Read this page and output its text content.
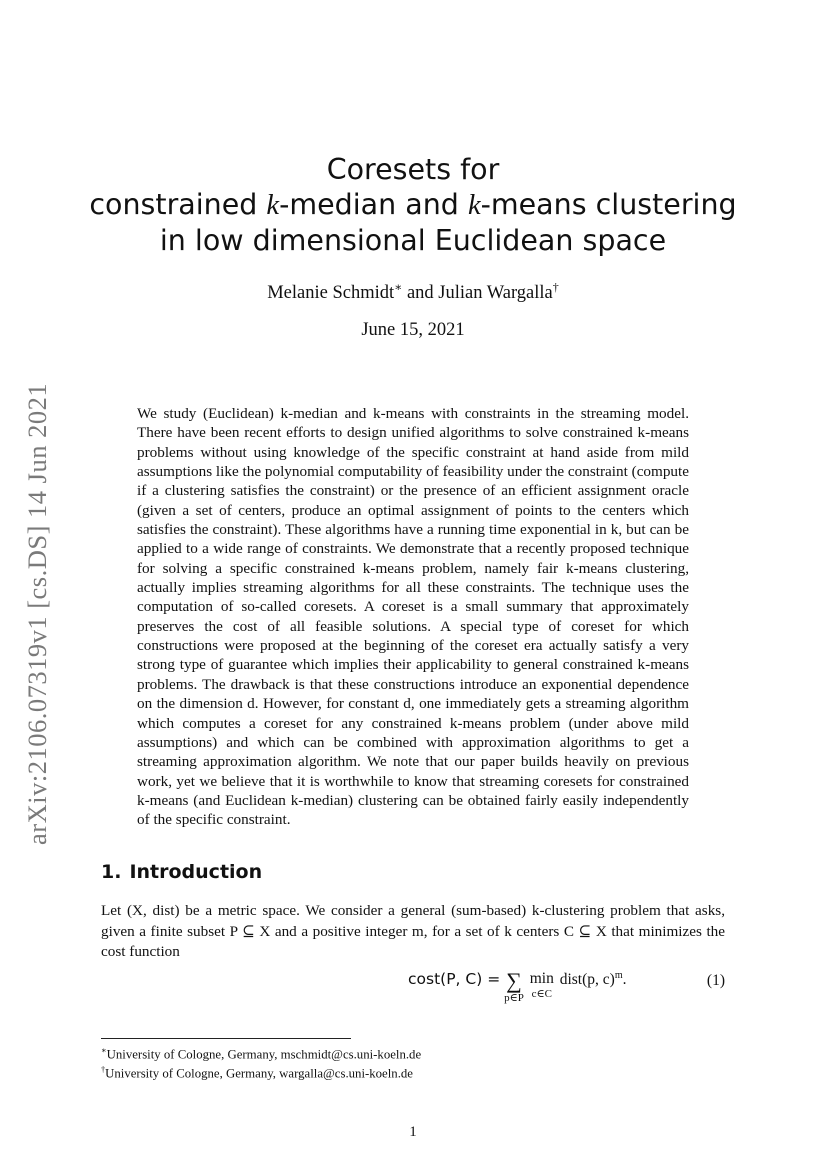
arXiv:2106.07319v1 [cs.DS] 14 Jun 2021
Coresets for
constrained k-median and k-means clustering
in low dimensional Euclidean space
Melanie Schmidt∗ and Julian Wargalla†
June 15, 2021
We study (Euclidean) k-median and k-means with constraints in the streaming model. There have been recent efforts to design unified algorithms to solve constrained k-means problems without using knowledge of the specific constraint at hand aside from mild assumptions like the polynomial computability of feasibility under the constraint (compute if a clustering satisfies the constraint) or the presence of an efficient assignment oracle (given a set of centers, produce an optimal assignment of points to the centers which satisfies the constraint). These algorithms have a running time exponential in k, but can be applied to a wide range of constraints. We demonstrate that a recently proposed technique for solving a specific constrained k-means problem, namely fair k-means clustering, actually implies streaming algorithms for all these constraints. The technique uses the computation of so-called coresets. A coreset is a small summary that approximately preserves the cost of all feasible solutions. A special type of coreset for which constructions were proposed at the beginning of the coreset era actually satisfy a very strong type of guarantee which implies their applicability to general constrained k-means problems. The drawback is that these constructions introduce an exponential dependence on the dimension d. However, for constant d, one immediately gets a streaming algorithm which computes a coreset for any constrained k-means problem (under above mild assumptions) and which can be combined with approximation algorithms to get a streaming approximation algorithm. We note that our paper builds heavily on previous work, yet we believe that it is worthwhile to know that streaming coresets for constrained k-means (and Euclidean k-median) clustering can be obtained fairly easily independently of the specific constraint.
1. Introduction
Let (X, dist) be a metric space. We consider a general (sum-based) k-clustering problem that asks, given a finite subset P ⊆ X and a positive integer m, for a set of k centers C ⊆ X that minimizes the cost function
cost(P, C) = ∑
p∈P
min
c∈C
dist(p, c)$^m$.	(1)
∗University of Cologne, Germany, mschmidt@cs.uni-koeln.de
†University of Cologne, Germany, wargalla@cs.uni-koeln.de
1
